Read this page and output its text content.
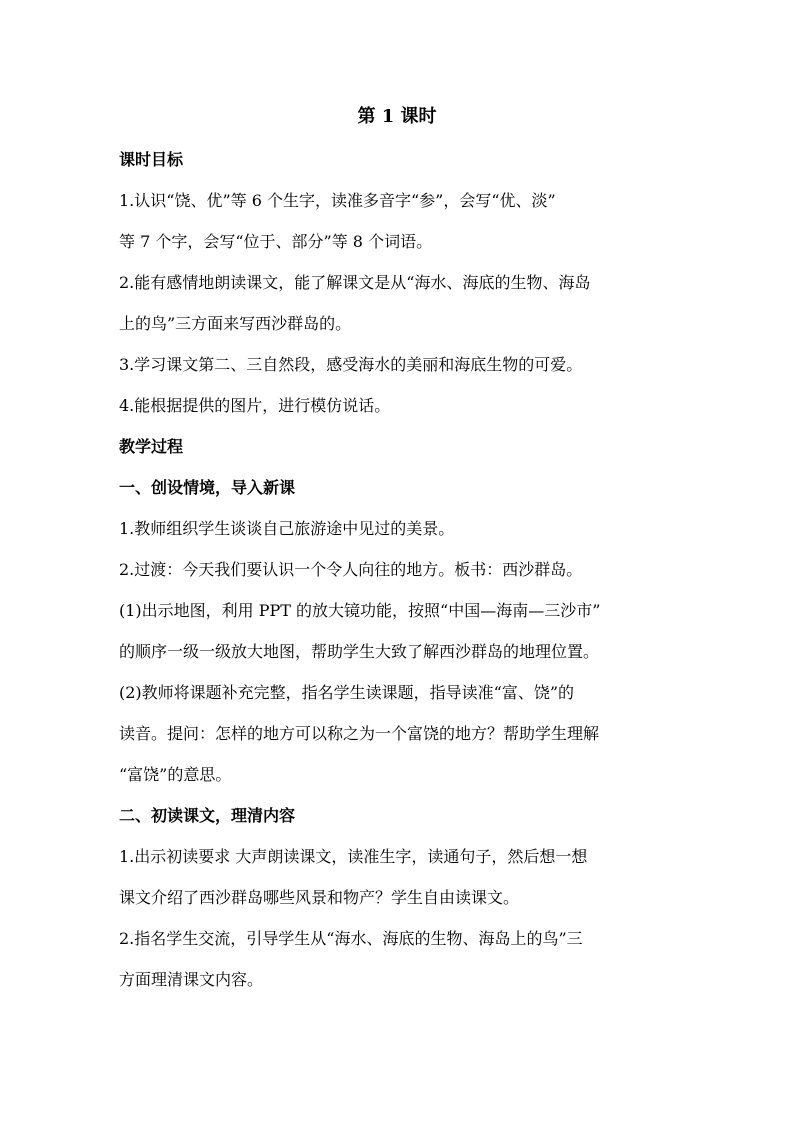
第 1 课时

课时目标

1.认识“饶、优”等 6 个生字，读准多音字“参”，会写“优、淡”

等 7 个字，会写“位于、部分”等 8 个词语。

2.能有感情地朗读课文，能了解课文是从“海水、海底的生物、海岛

上的鸟”三方面来写西沙群岛的。

3.学习课文第二、三自然段，感受海水的美丽和海底生物的可爱。

4.能根据提供的图片，进行模仿说话。

教学过程

一、创设情境，导入新课

1.教师组织学生谈谈自己旅游途中见过的美景。

2.过渡：今天我们要认识一个令人向往的地方。板书：西沙群岛。

(1)出示地图，利用 PPT 的放大镜功能，按照“中国—海南—三沙市”

的顺序一级一级放大地图，帮助学生大致了解西沙群岛的地理位置。

(2)教师将课题补充完整，指名学生读课题，指导读准“富、饶”的

读音。提问：怎样的地方可以称之为一个富饶的地方？帮助学生理解

“富饶”的意思。

二、初读课文，理清内容

1.出示初读要求 大声朗读课文，读准生字，读通句子，然后想一想

课文介绍了西沙群岛哪些风景和物产？学生自由读课文。

2.指名学生交流，引导学生从“海水、海底的生物、海岛上的鸟”三

方面理清课文内容。
